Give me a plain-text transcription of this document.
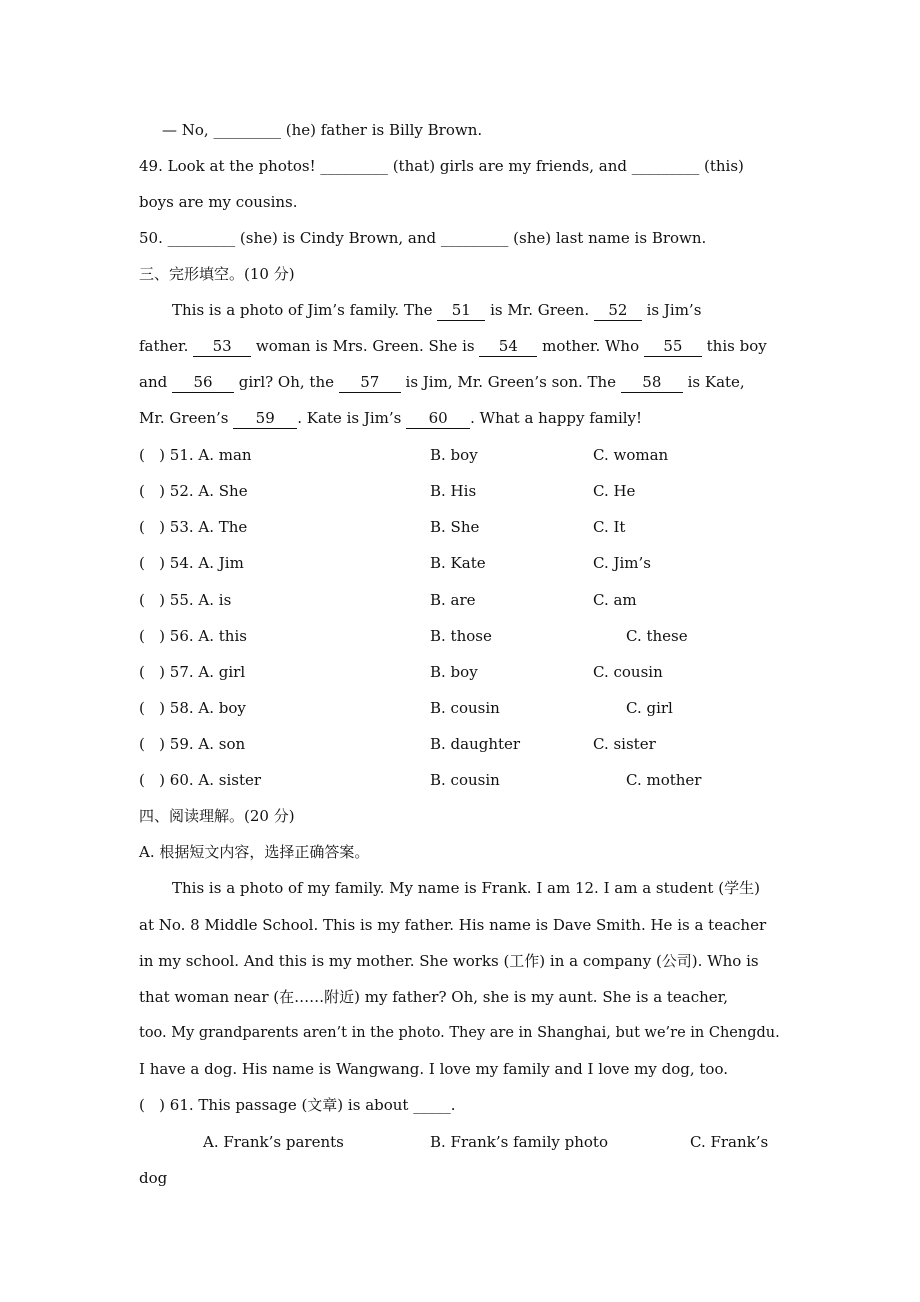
— No, _________ (he) father is Billy Brown.
49. Look at the photos! _________ (that) girls are my friends, and _________ (this)
boys are my cousins.
50. _________ (she) is Cindy Brown, and _________ (she) last name is Brown.
三、完形填空。(10 分)
This is a photo of Jim’s family. The 51 is Mr. Green. 52 is Jim’s
father. 53 woman is Mrs. Green. She is 54 mother. Who 55 this boy
and 56 girl? Oh, the 57 is Jim, Mr. Green’s son. The 58 is Kate,
Mr. Green’s 59 . Kate is Jim’s 60 . What a happy family!
(   ) 51. A. man	B. boy	C. woman
(   ) 52. A. She	B. His	C. He
(   ) 53. A. The	B. She	C. It
(   ) 54. A. Jim	B. Kate	C. Jim’s
(   ) 55. A. is	B. are	C. am
(   ) 56. A. this	B. those	C. these
(   ) 57. A. girl	B. boy	C. cousin
(   ) 58. A. boy	B. cousin	C. girl
(   ) 59. A. son	B. daughter	C. sister
(   ) 60. A. sister	B. cousin	C. mother
四、阅读理解。(20 分)
A. 根据短文内容，选择正确答案。
This is a photo of my family. My name is Frank. I am 12. I am a student (学生)
at No. 8 Middle School. This is my father. His name is Dave Smith. He is a teacher
in my school. And this is my mother. She works (工作) in a company (公司). Who is
that woman near (在……附近) my father? Oh, she is my aunt. She is a teacher,
too. My grandparents aren’t in the photo. They are in Shanghai, but we’re in Chengdu.
I have a dog. His name is Wangwang. I love my family and I love my dog, too.
(   ) 61. This passage (文章) is about _____.
A. Frank’s parents	B. Frank’s family photo	C. Frank’s
dog
